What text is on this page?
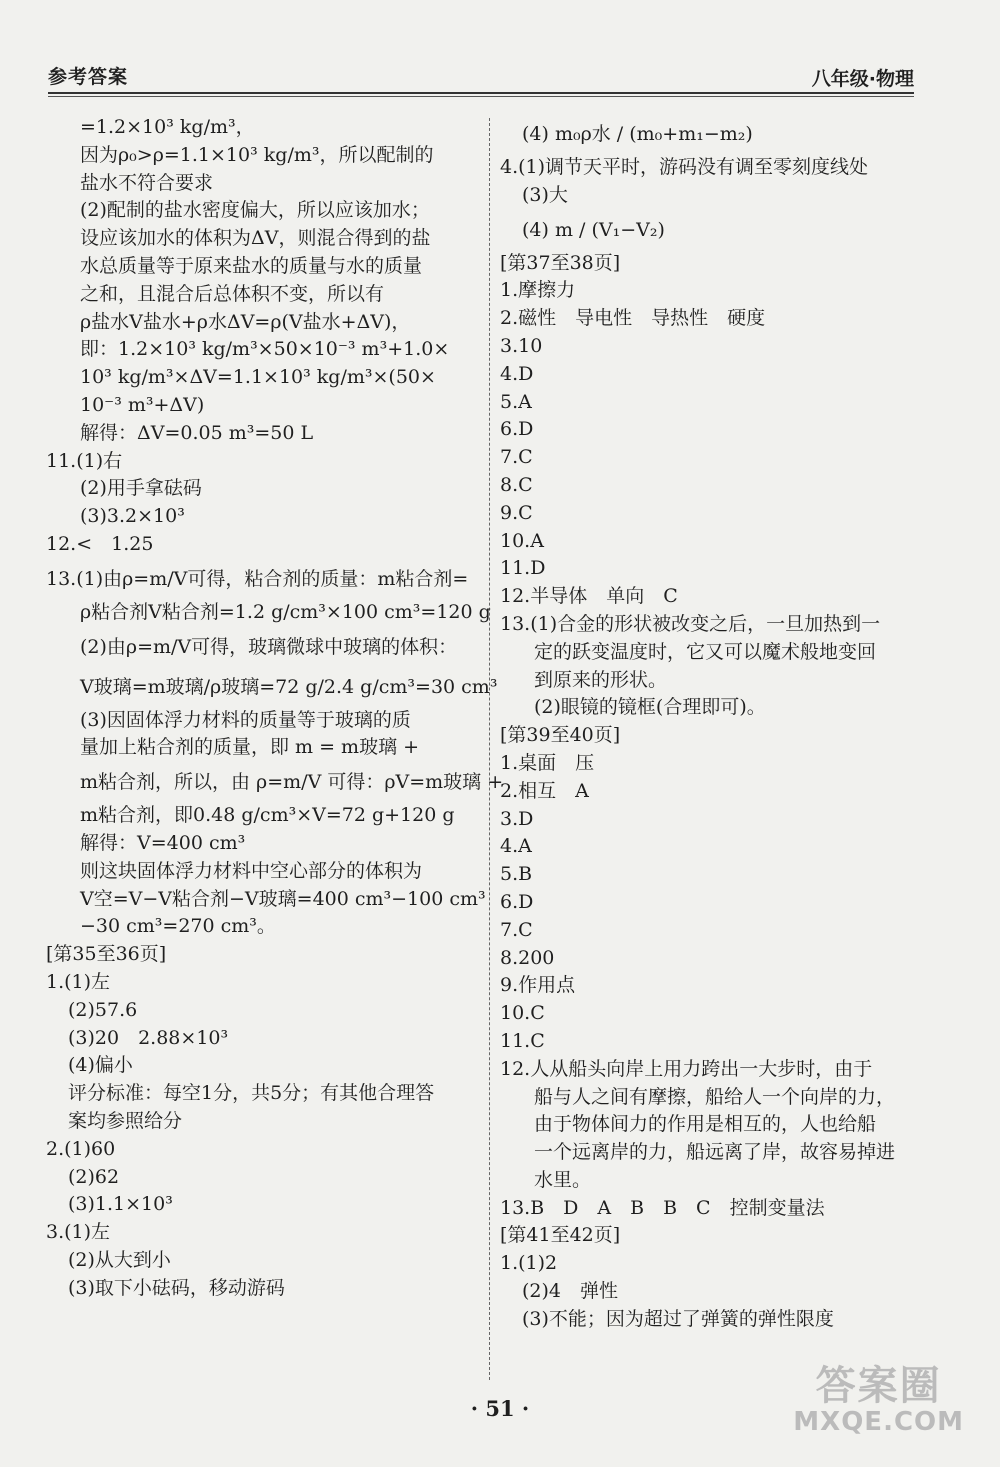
参考答案	八年级·物理
=1.2×10³ kg/m³，
因为ρ₀>ρ=1.1×10³ kg/m³，所以配制的
盐水不符合要求
(2)配制的盐水密度偏大，所以应该加水；
设应该加水的体积为ΔV，则混合得到的盐
水总质量等于原来盐水的质量与水的质量
之和，且混合后总体积不变，所以有
ρ盐水V盐水+ρ水ΔV=ρ(V盐水+ΔV)，
即：1.2×10³ kg/m³×50×10⁻³ m³+1.0×
10³ kg/m³×ΔV=1.1×10³ kg/m³×(50×
10⁻³ m³+ΔV)
解得：ΔV=0.05 m³=50 L
11.(1)右
(2)用手拿砝码
(3)3.2×10³
12.<　1.25
13.(1)由ρ=m/V可得，粘合剂的质量：m粘合剂=
ρ粘合剂V粘合剂=1.2 g/cm³×100 cm³=120 g
(2)由ρ=m/V可得，玻璃微球中玻璃的体积：
V玻璃=m玻璃/ρ玻璃=72 g/2.4 g/cm³=30 cm³
(3)因固体浮力材料的质量等于玻璃的质
量加上粘合剂的质量，即 m = m玻璃 +
m粘合剂，所以，由 ρ=m/V 可得：ρV=m玻璃 +
m粘合剂，即0.48 g/cm³×V=72 g+120 g
解得：V=400 cm³
则这块固体浮力材料中空心部分的体积为
V空=V−V粘合剂−V玻璃=400 cm³−100 cm³
−30 cm³=270 cm³。
[第35至36页]
1.(1)左
(2)57.6
(3)20　2.88×10³
(4)偏小
评分标准：每空1分，共5分；有其他合理答
案均参照给分
2.(1)60
(2)62
(3)1.1×10³
3.(1)左
(2)从大到小
(3)取下小砝码，移动游码
(4) m₀ρ水 / (m₀+m₁−m₂)
4.(1)调节天平时，游码没有调至零刻度线处
(3)大
(4) m / (V₁−V₂)
[第37至38页]
1.摩擦力
2.磁性　导电性　导热性　硬度
3.10
4.D
5.A
6.D
7.C
8.C
9.C
10.A
11.D
12.半导体　单向　C
13.(1)合金的形状被改变之后，一旦加热到一
定的跃变温度时，它又可以魔术般地变回
到原来的形状。
(2)眼镜的镜框(合理即可)。
[第39至40页]
1.桌面　压
2.相互　A
3.D
4.A
5.B
6.D
7.C
8.200
9.作用点
10.C
11.C
12.人从船头向岸上用力跨出一大步时，由于
船与人之间有摩擦，船给人一个向岸的力，
由于物体间力的作用是相互的，人也给船
一个远离岸的力，船远离了岸，故容易掉进
水里。
13.B　D　A　B　B　C　控制变量法
[第41至42页]
1.(1)2
(2)4　弹性
(3)不能；因为超过了弹簧的弹性限度
· 51 ·	答案圈
MXQE.COM
